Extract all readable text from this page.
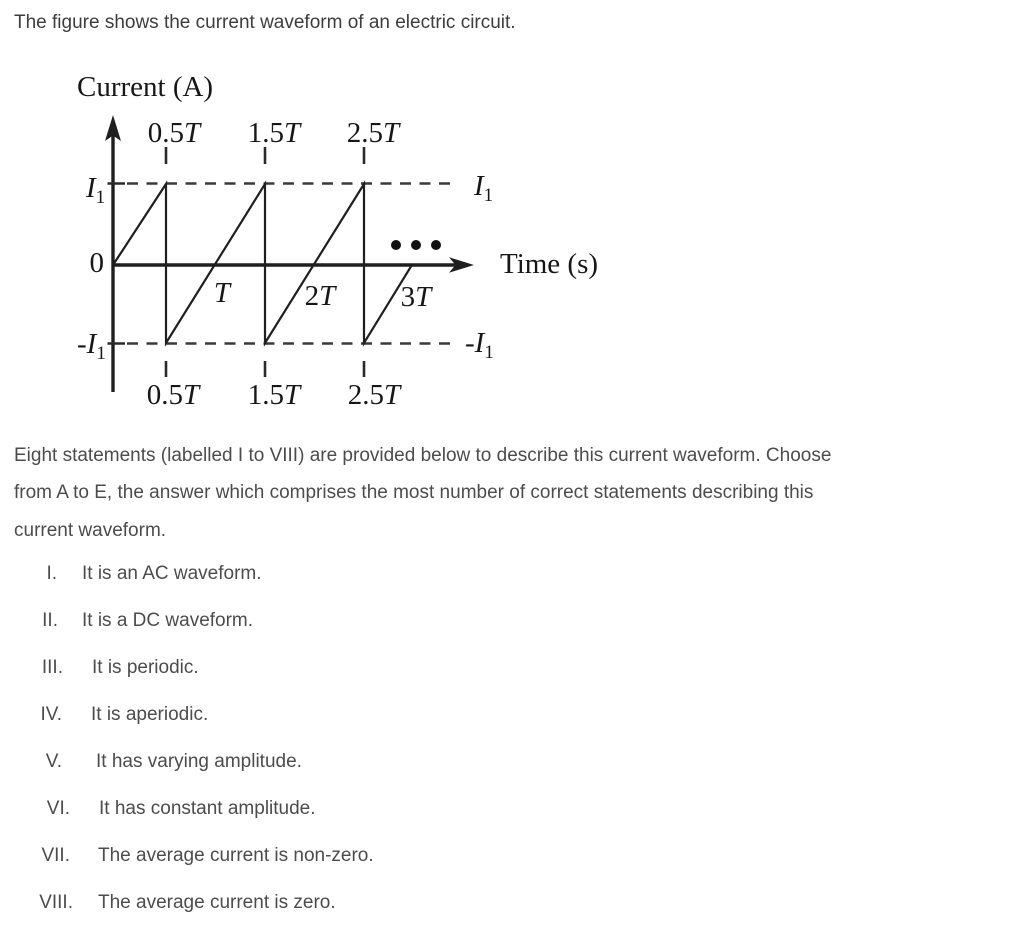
The figure shows the current waveform of an electric circuit.
Current (A)
0.5T 1.5T 2.5T
0.5T 1.5T 2.5T
T	2T 3T
0
$I_1$
$-I_1$
$I_1$
$-I_1$
Time (s)
Eight statements (labelled I to VIII) are provided below to describe this current waveform. Choose
from A to E, the answer which comprises the most number of correct statements describing this
current waveform.
I. It is an AC waveform.
II. It is a DC waveform.
III. It is periodic.
IV. It is aperiodic.
V. It has varying amplitude.
VI. It has constant amplitude.
VII. The average current is non-zero.
VIII. The average current is zero.
